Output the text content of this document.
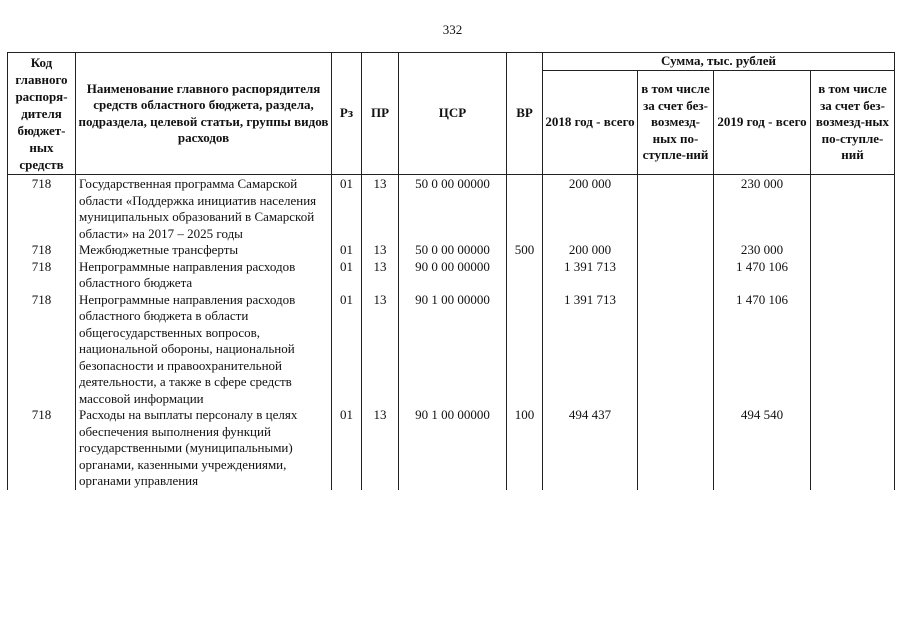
332
Код главного распоря-дителя бюджет-ных средств	Наименование главного распорядителя средств областного бюджета, раздела, подраздела, целевой статьи, группы видов расходов	Рз	ПР	ЦСР	ВР	Сумма, тыс. рублей			
						2018 год - всего	в том числе за счет без-возмезд-ных по-ступле-ний	2019 год - всего	в том числе за счет без-возмезд-ных по-ступле-ний
718	Государственная программа Самарской области «Поддержка инициатив населения муниципальных образований в Самарской области» на 2017 – 2025 годы	01	13	50 0 00 00000		200 000		230 000	
718	Межбюджетные трансферты	01	13	50 0 00 00000	500	200 000		230 000	
718	Непрограммные направления расходов областного бюджета	01	13	90 0 00 00000		1 391 713		1 470 106	
718	Непрограммные направления расходов областного бюджета в области общегосударственных вопросов, национальной обороны, национальной безопасности и правоохранительной деятельности, а также в сфере средств массовой информации	01	13	90 1 00 00000		1 391 713		1 470 106	
718	Расходы на выплаты персоналу в целях обеспечения выполнения функций государственными (муниципальными) органами, казенными учреждениями, органами управления	01	13	90 1 00 00000	100	494 437		494 540	
